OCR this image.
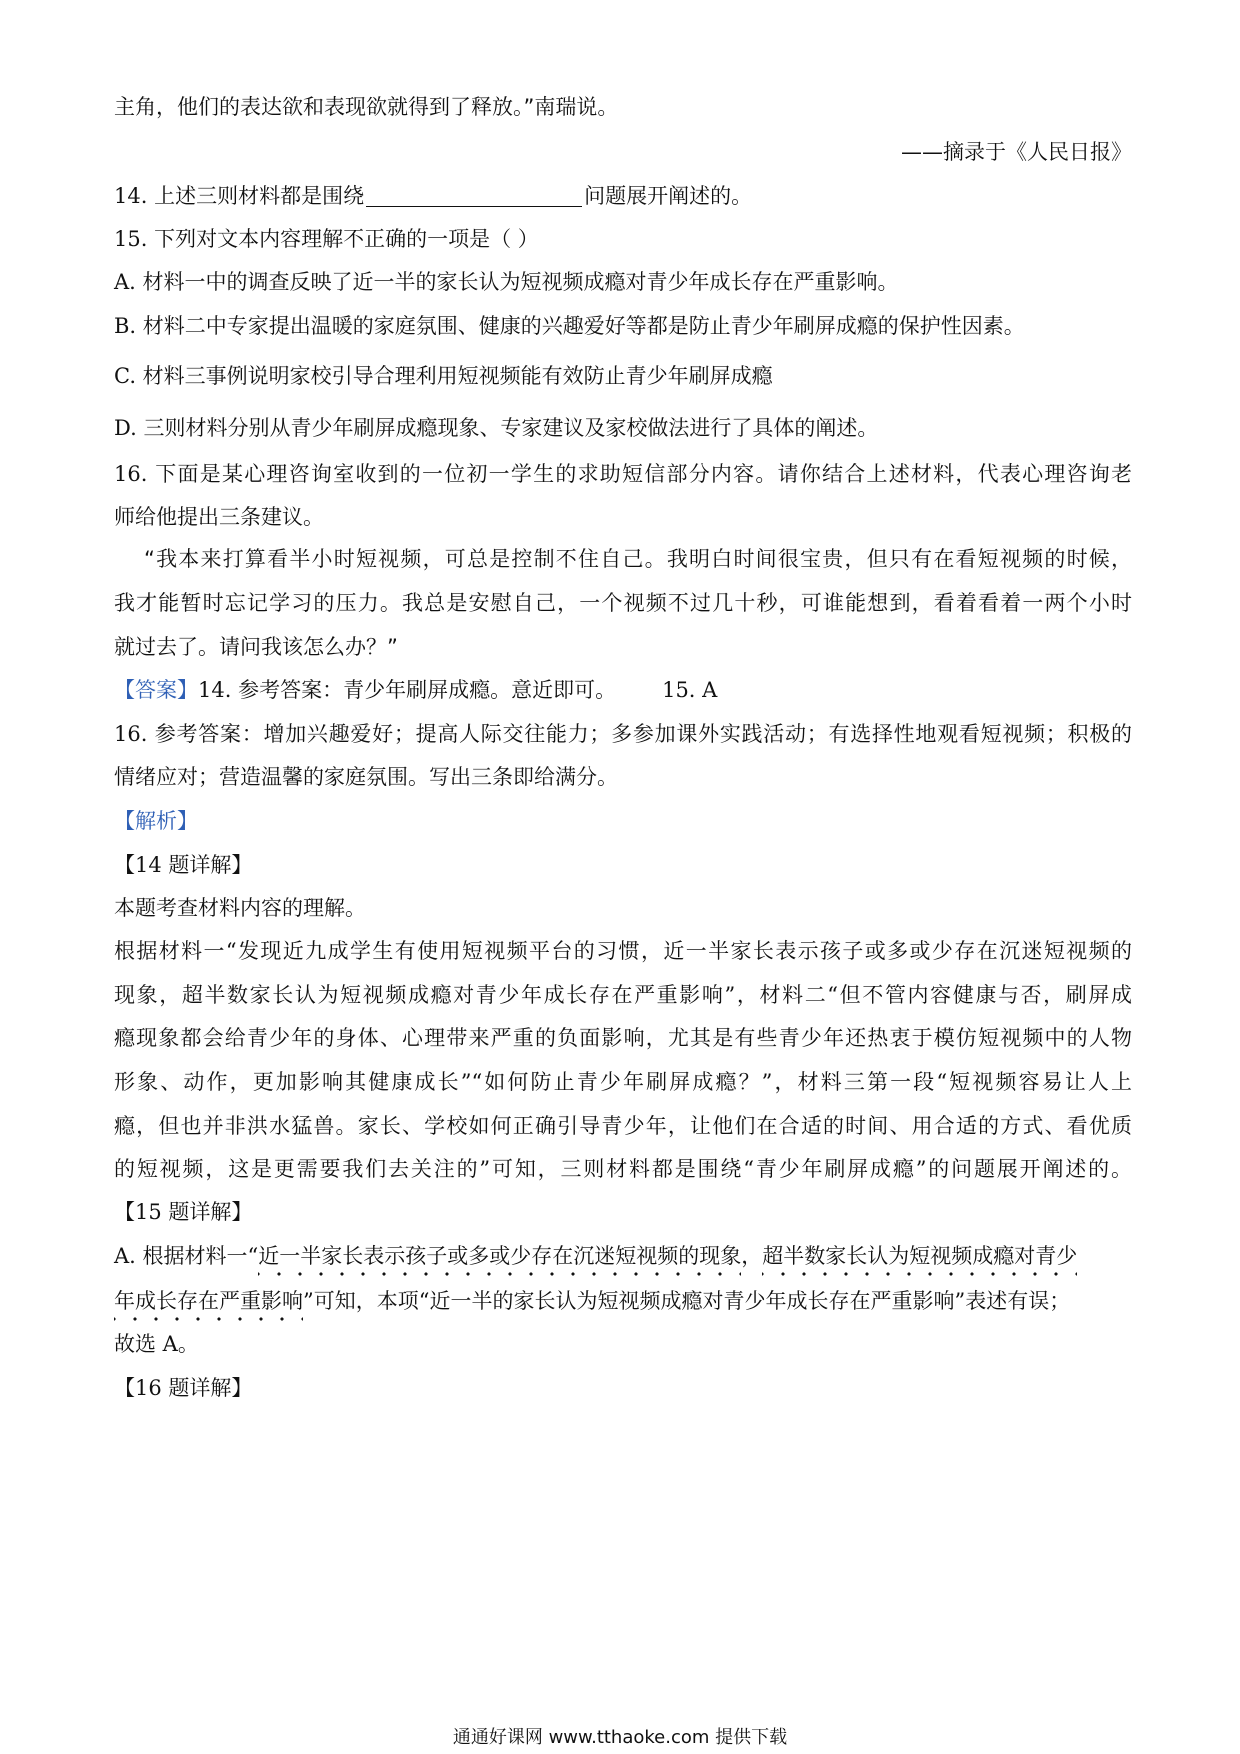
主角，他们的表达欲和表现欲就得到了释放。”南瑞说。
——摘录于《人民日报》
14. 上述三则材料都是围绕	问题展开阐述的。
15. 下列对文本内容理解不正确的一项是（ ）
A. 材料一中的调查反映了近一半的家长认为短视频成瘾对青少年成长存在严重影响。
B. 材料二中专家提出温暖的家庭氛围、健康的兴趣爱好等都是防止青少年刷屏成瘾的保护性因素。
C. 材料三事例说明家校引导合理利用短视频能有效防止青少年刷屏成瘾
D. 三则材料分别从青少年刷屏成瘾现象、专家建议及家校做法进行了具体的阐述。
16. 下面是某心理咨询室收到的一位初一学生的求助短信部分内容。请你结合上述材料，代表心理咨询老
师给他提出三条建议。
“我本来打算看半小时短视频，可总是控制不住自己。我明白时间很宝贵，但只有在看短视频的时候，
我才能暂时忘记学习的压力。我总是安慰自己，一个视频不过几十秒，可谁能想到，看着看着一两个小时
就过去了。请问我该怎么办？”
【答案】14. 参考答案：青少年刷屏成瘾。意近即可。 15. A
16. 参考答案：增加兴趣爱好；提高人际交往能力；多参加课外实践活动；有选择性地观看短视频；积极的
情绪应对；营造温馨的家庭氛围。写出三条即给满分。
【解析】
【14 题详解】
本题考查材料内容的理解。
根据材料一“发现近九成学生有使用短视频平台的习惯，近一半家长表示孩子或多或少存在沉迷短视频的
现象，超半数家长认为短视频成瘾对青少年成长存在严重影响”，材料二“但不管内容健康与否，刷屏成
瘾现象都会给青少年的身体、心理带来严重的负面影响，尤其是有些青少年还热衷于模仿短视频中的人物
形象、动作，更加影响其健康成长”“如何防止青少年刷屏成瘾？”，材料三第一段“短视频容易让人上
瘾，但也并非洪水猛兽。家长、学校如何正确引导青少年，让他们在合适的时间、用合适的方式、看优质
的短视频，这是更需要我们去关注的”可知，三则材料都是围绕“青少年刷屏成瘾”的问题展开阐述的。
【15 题详解】
A. 根据材料一“近一半家长表示孩子或多或少存在沉迷短视频的现象，超半数家长认为短视频成瘾对青少
年成长存在严重影响”可知，本项“近一半的家长认为短视频成瘾对青少年成长存在严重影响”表述有误；
故选 A。
【16 题详解】
通通好课网 www.tthaoke.com 提供下载
